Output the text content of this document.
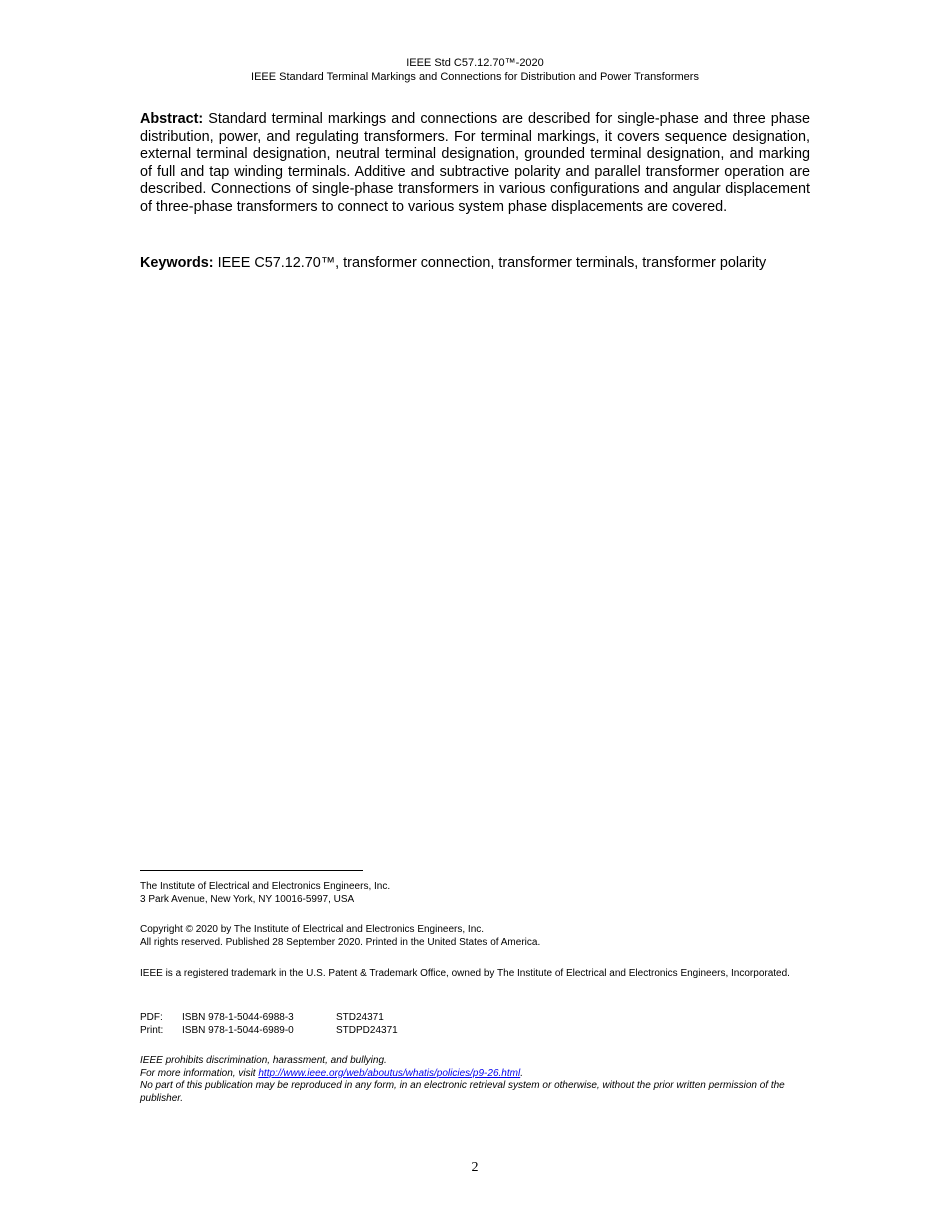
IEEE Std C57.12.70™-2020
IEEE Standard Terminal Markings and Connections for Distribution and Power Transformers
Abstract: Standard terminal markings and connections are described for single-phase and three phase distribution, power, and regulating transformers. For terminal markings, it covers sequence designation, external terminal designation, neutral terminal designation, grounded terminal designation, and marking of full and tap winding terminals. Additive and subtractive polarity and parallel transformer operation are described. Connections of single-phase transformers in various configurations and angular displacement of three-phase transformers to connect to various system phase displacements are covered.
Keywords: IEEE C57.12.70™, transformer connection, transformer terminals, transformer polarity
The Institute of Electrical and Electronics Engineers, Inc.
3 Park Avenue, New York, NY 10016-5997, USA
Copyright © 2020 by The Institute of Electrical and Electronics Engineers, Inc.
All rights reserved. Published 28 September 2020. Printed in the United States of America.
IEEE is a registered trademark in the U.S. Patent & Trademark Office, owned by The Institute of Electrical and Electronics Engineers, Incorporated.
PDF:	ISBN 978-1-5044-6988-3	STD24371
Print:	ISBN 978-1-5044-6989-0	STDPD24371
IEEE prohibits discrimination, harassment, and bullying.
For more information, visit http://www.ieee.org/web/aboutus/whatis/policies/p9-26.html.
No part of this publication may be reproduced in any form, in an electronic retrieval system or otherwise, without the prior written permission of the publisher.
2
